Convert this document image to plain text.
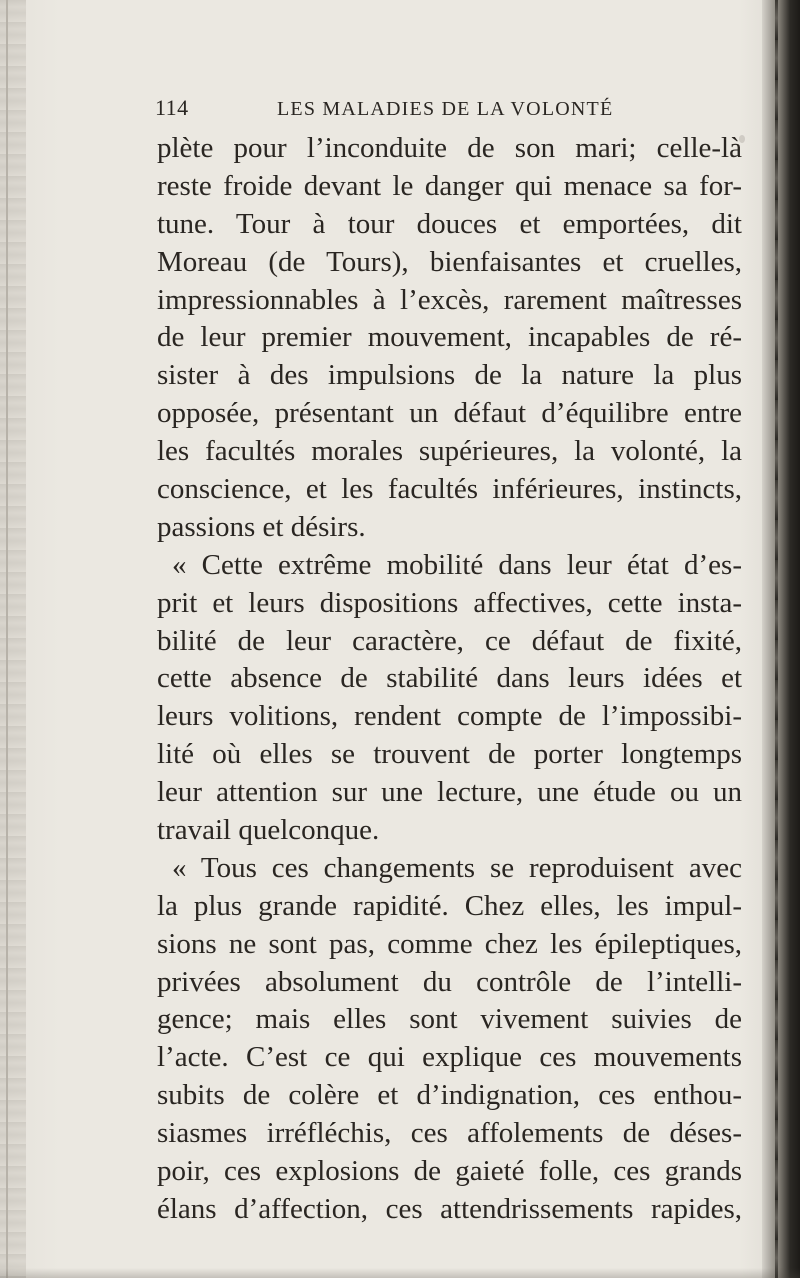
114	LES MALADIES DE LA VOLONTÉ
plète pour l’inconduite de son mari; celle-là
reste froide devant le danger qui menace sa for-
tune. Tour à tour douces et emportées, dit
Moreau (de Tours), bienfaisantes et cruelles,
impressionnables à l’excès, rarement maîtresses
de leur premier mouvement, incapables de ré-
sister à des impulsions de la nature la plus
opposée, présentant un défaut d’équilibre entre
les facultés morales supérieures, la volonté, la
conscience, et les facultés inférieures, instincts,
passions et désirs.
« Cette extrême mobilité dans leur état d’es-
prit et leurs dispositions affectives, cette insta-
bilité de leur caractère, ce défaut de fixité,
cette absence de stabilité dans leurs idées et
leurs volitions, rendent compte de l’impossibi-
lité où elles se trouvent de porter longtemps
leur attention sur une lecture, une étude ou un
travail quelconque.
« Tous ces changements se reproduisent avec
la plus grande rapidité. Chez elles, les impul-
sions ne sont pas, comme chez les épileptiques,
privées absolument du contrôle de l’intelli-
gence; mais elles sont vivement suivies de
l’acte. C’est ce qui explique ces mouvements
subits de colère et d’indignation, ces enthou-
siasmes irréfléchis, ces affolements de déses-
poir, ces explosions de gaieté folle, ces grands
élans d’affection, ces attendrissements rapides,
